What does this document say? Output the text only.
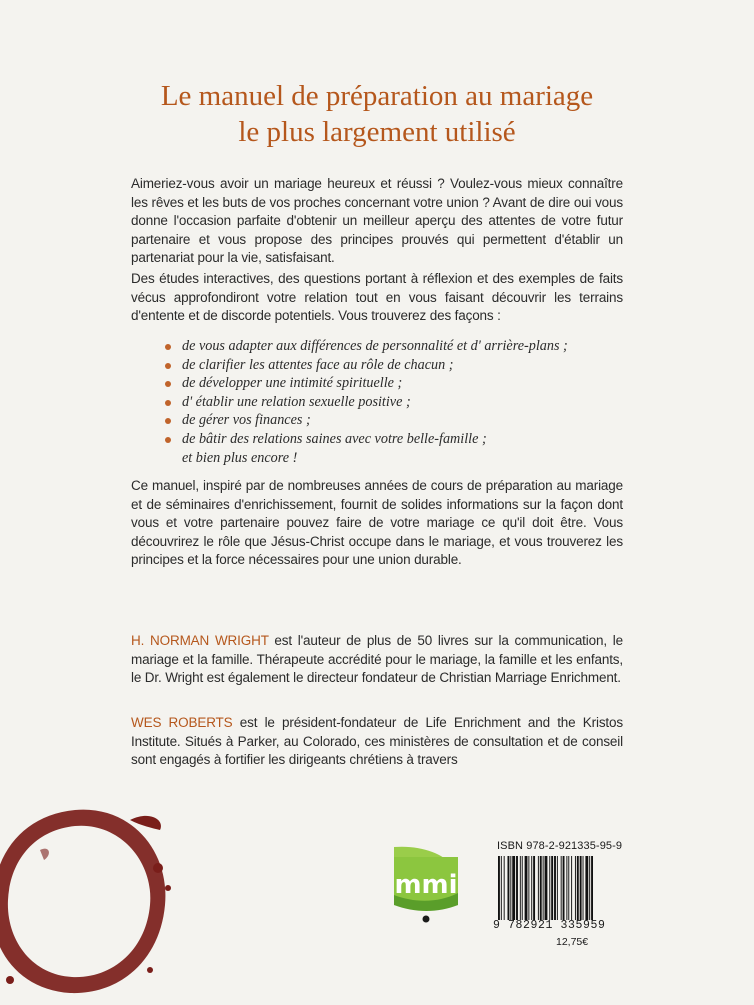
Le manuel de préparation au mariage
le plus largement utilisé
Aimeriez-vous avoir un mariage heureux et réussi ? Voulez-vous mieux connaître les rêves et les buts de vos proches concernant votre union ? Avant de dire oui vous donne l'occasion parfaite d'obtenir un meilleur aperçu des attentes de votre futur partenaire et vous propose des principes prouvés qui permettent d'établir un partenariat pour la vie, satisfaisant.
Des études interactives, des questions portant à réflexion et des exemples de faits vécus approfondiront votre relation tout en vous faisant découvrir les terrains d'entente et de discorde potentiels. Vous trouverez des façons :
de vous adapter aux différences de personnalité et d' arrière-plans ;
de clarifier les attentes face au rôle de chacun ;
de développer une intimité spirituelle ;
d' établir une relation sexuelle positive ;
de gérer vos finances ;
de bâtir des relations saines avec votre belle-famille ;
et bien plus encore !
Ce manuel, inspiré par de nombreuses années de cours de préparation au mariage et de séminaires d'enrichissement, fournit de solides informations sur la façon dont vous et votre partenaire pouvez faire de votre mariage ce qu'il doit être. Vous découvrirez le rôle que Jésus-Christ occupe dans le mariage, et vous trouverez les principes et la force nécessaires pour une union durable.
H. NORMAN WRIGHT est l'auteur de plus de 50 livres sur la communication, le mariage et la famille. Thérapeute accrédité pour le mariage, la famille et les enfants, le Dr. Wright est également le directeur fondateur de Christian Marriage Enrichment.
WES ROBERTS est le président-fondateur de Life Enrichment and the Kristos Institute. Situés à Parker, au Colorado, ces ministères de consultation et de conseil sont engagés à fortifier les dirigeants chrétiens à travers
mmi
ISBN 978-2-921335-95-9
9 782921 335959
12,75€
